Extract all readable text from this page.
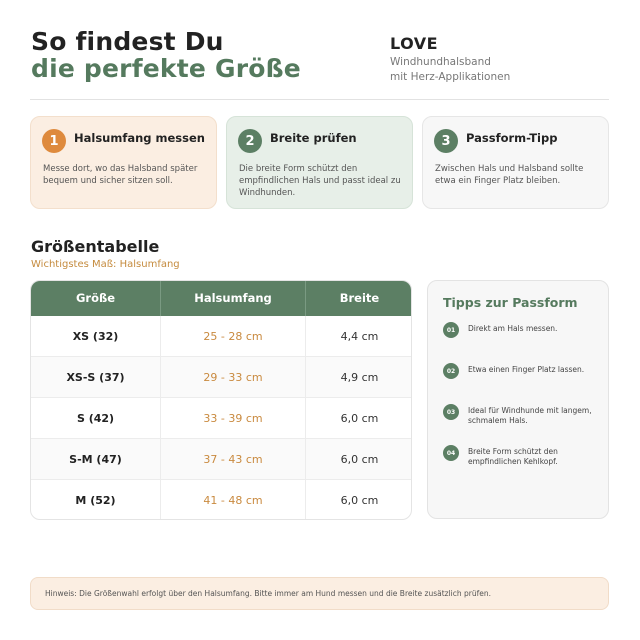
So findest Du
die perfekte Größe
LOVE
Windhundhalsband
mit Herz-Applikationen
1	Halsumfang messen
Messe dort, wo das Halsband später bequem und sicher sitzen soll.
2	Breite prüfen
Die breite Form schützt den empfindlichen Hals und passt ideal zu Windhunden.
3	Passform-Tipp
Zwischen Hals und Halsband sollte etwa ein Finger Platz bleiben.
Größentabelle
Wichtigstes Maß: Halsumfang
Größe	Halsumfang	Breite
XS (32)	25 - 28 cm	4,4 cm
XS-S (37)	29 - 33 cm	4,9 cm
S (42)	33 - 39 cm	6,0 cm
S-M (47)	37 - 43 cm	6,0 cm
M (52)	41 - 48 cm	6,0 cm
Tipps zur Passform
01	Direkt am Hals messen.
02	Etwa einen Finger Platz lassen.
03	Ideal für Windhunde mit langem, schmalem Hals.
04	Breite Form schützt den empfindlichen Kehlkopf.
Hinweis: Die Größenwahl erfolgt über den Halsumfang. Bitte immer am Hund messen und die Breite zusätzlich prüfen.
